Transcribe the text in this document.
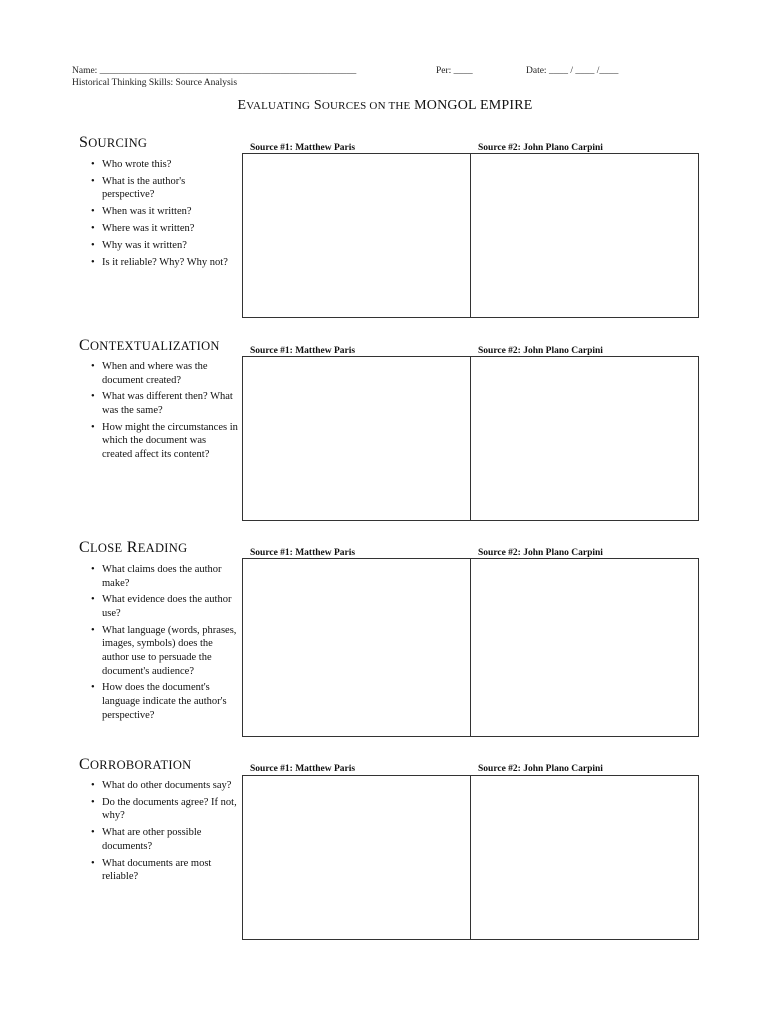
Name: ______________________________________________________
Historical Thinking Skills: Source Analysis
Per: ____	Date: ____ / ____ /____
EVALUATING SOURCES ON THE MONGOL EMPIRE
SOURCING
• Who wrote this?
• What is the author's perspective?
• When was it written?
• Where was it written?
• Why was it written?
• Is it reliable? Why? Why not?
Source #1: Matthew Paris	Source #2: John Plano Carpini
CONTEXTUALIZATION
• When and where was the document created?
• What was different then? What was the same?
• How might the circumstances in which the document was created affect its content?
Source #1: Matthew Paris	Source #2: John Plano Carpini
CLOSE READING
• What claims does the author make?
• What evidence does the author use?
• What language (words, phrases, images, symbols) does the author use to persuade the document's audience?
• How does the document's language indicate the author's perspective?
Source #1: Matthew Paris	Source #2: John Plano Carpini
CORROBORATION
• What do other documents say?
• Do the documents agree? If not, why?
• What are other possible documents?
• What documents are most reliable?
Source #1: Matthew Paris	Source #2: John Plano Carpini
